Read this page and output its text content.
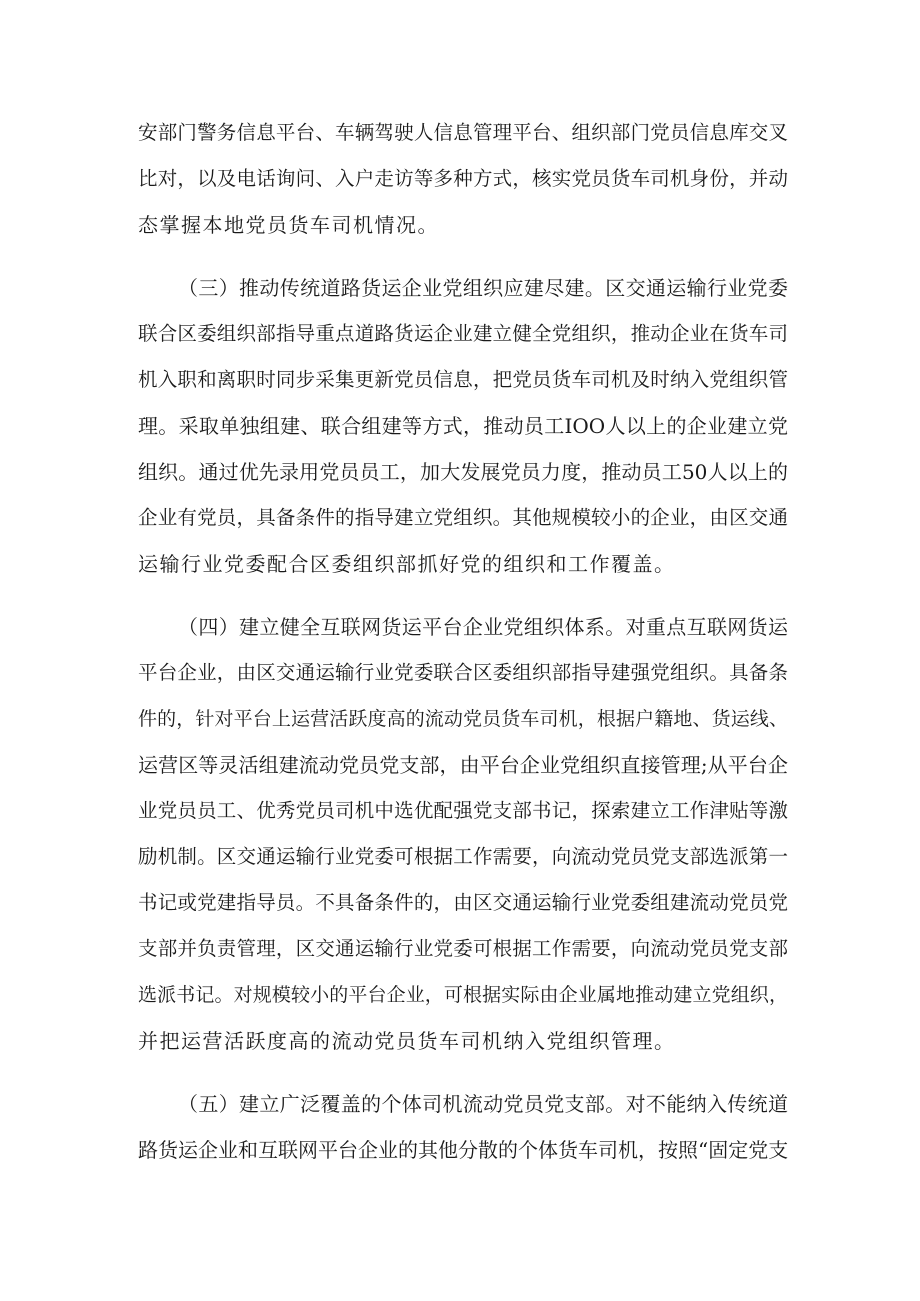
安部门警务信息平台、车辆驾驶人信息管理平台、组织部门党员信息库交叉
比对，以及电话询问、入户走访等多种方式，核实党员货车司机身份，并动
态掌握本地党员货车司机情况。
（三）推动传统道路货运企业党组织应建尽建。区交通运输行业党委
联合区委组织部指导重点道路货运企业建立健全党组织，推动企业在货车司
机入职和离职时同步采集更新党员信息，把党员货车司机及时纳入党组织管
理。采取单独组建、联合组建等方式，推动员工IOO人以上的企业建立党
组织。通过优先录用党员员工，加大发展党员力度，推动员工50人以上的
企业有党员，具备条件的指导建立党组织。其他规模较小的企业，由区交通
运输行业党委配合区委组织部抓好党的组织和工作覆盖。
（四）建立健全互联网货运平台企业党组织体系。对重点互联网货运
平台企业，由区交通运输行业党委联合区委组织部指导建强党组织。具备条
件的，针对平台上运营活跃度高的流动党员货车司机，根据户籍地、货运线、
运营区等灵活组建流动党员党支部，由平台企业党组织直接管理;从平台企
业党员员工、优秀党员司机中选优配强党支部书记，探索建立工作津贴等激
励机制。区交通运输行业党委可根据工作需要，向流动党员党支部选派第一
书记或党建指导员。不具备条件的，由区交通运输行业党委组建流动党员党
支部并负责管理，区交通运输行业党委可根据工作需要，向流动党员党支部
选派书记。对规模较小的平台企业，可根据实际由企业属地推动建立党组织，
并把运营活跃度高的流动党员货车司机纳入党组织管理。
（五）建立广泛覆盖的个体司机流动党员党支部。对不能纳入传统道
路货运企业和互联网平台企业的其他分散的个体货车司机，按照“固定党支
